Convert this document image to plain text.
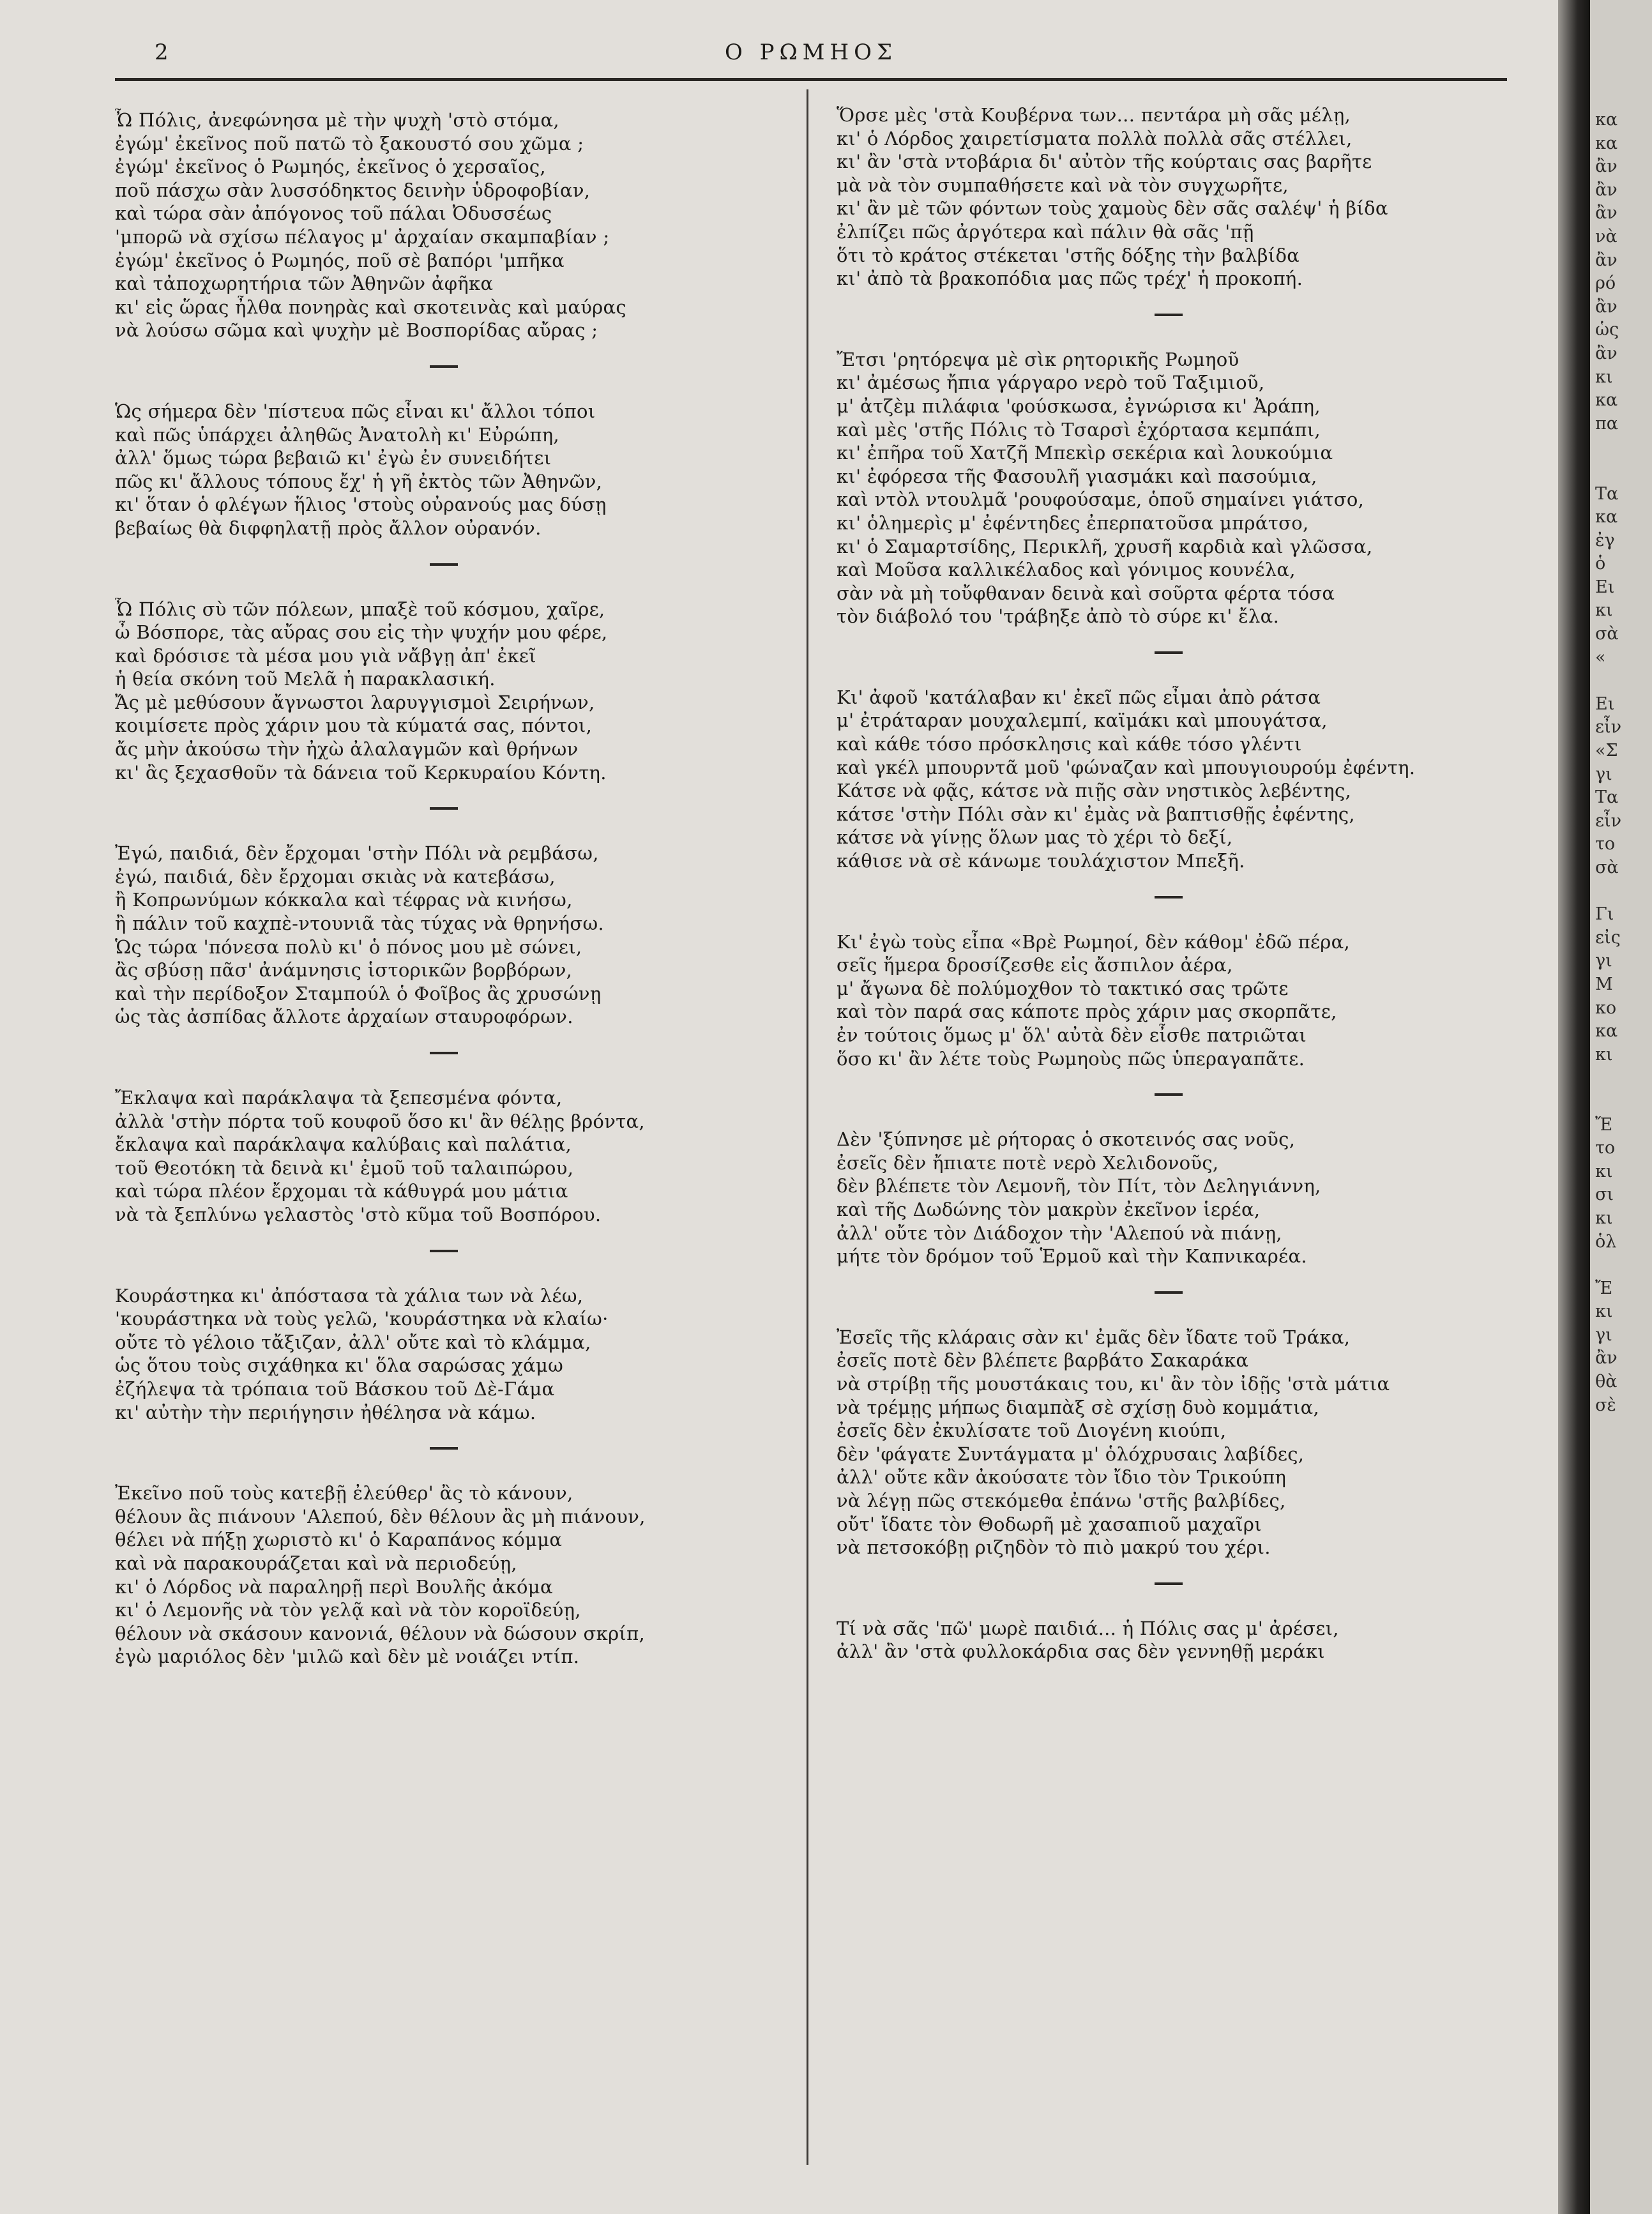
2	Ο ΡΩΜΗΟΣ
Ὦ Πόλις, ἀνεφώνησα μὲ τὴν ψυχὴ 'στὸ στόμα,
ἐγώμ' ἐκεῖνος ποῦ πατῶ τὸ ξακουστό σου χῶμα ;
ἐγώμ' ἐκεῖνος ὁ Ρωμηός, ἐκεῖνος ὁ χερσαῖος,
ποῦ πάσχω σὰν λυσσόδηκτος δεινὴν ὑδροφοβίαν,
καὶ τώρα σὰν ἀπόγονος τοῦ πάλαι Ὀδυσσέως
'μπορῶ νὰ σχίσω πέλαγος μ' ἀρχαίαν σκαμπαβίαν ;
ἐγώμ' ἐκεῖνος ὁ Ρωμηός, ποῦ σὲ βαπόρι 'μπῆκα
καὶ τἀποχωρητήρια τῶν Ἀθηνῶν ἀφῆκα
κι' εἰς ὥρας ἦλθα πονηρὰς καὶ σκοτεινὰς καὶ μαύρας
νὰ λούσω σῶμα καὶ ψυχὴν μὲ Βοσπορίδας αὔρας ;
Ὡς σήμερα δὲν 'πίστευα πῶς εἶναι κι' ἄλλοι τόποι
καὶ πῶς ὑπάρχει ἀληθῶς Ἀνατολὴ κι' Εὐρώπη,
ἀλλ' ὅμως τώρα βεβαιῶ κι' ἐγὼ ἐν συνειδήτει
πῶς κι' ἄλλους τόπους ἔχ' ἡ γῆ ἐκτὸς τῶν Ἀθηνῶν,
κι' ὅταν ὁ φλέγων ἥλιος 'στοὺς οὐρανούς μας δύσῃ
βεβαίως θὰ διφφηλατῇ πρὸς ἄλλον οὐρανόν.
Ὦ Πόλις σὺ τῶν πόλεων, μπαξὲ τοῦ κόσμου, χαῖρε,
ὦ Βόσπορε, τὰς αὔρας σου εἰς τὴν ψυχήν μου φέρε,
καὶ δρόσισε τὰ μέσα μου γιὰ νἄβγῃ ἀπ' ἐκεῖ
ἡ θεία σκόνη τοῦ Μελᾶ ἡ παρακλασική.
Ἄς μὲ μεθύσουν ἄγνωστοι λαρυγγισμοὶ Σειρήνων,
κοιμίσετε πρὸς χάριν μου τὰ κύματά σας, πόντοι,
ἄς μὴν ἀκούσω τὴν ἠχὼ ἀλαλαγμῶν καὶ θρήνων
κι' ἂς ξεχασθοῦν τὰ δάνεια τοῦ Κερκυραίου Κόντη.
Ἐγώ, παιδιά, δὲν ἔρχομαι 'στὴν Πόλι νὰ ρεμβάσω,
ἐγώ, παιδιά, δὲν ἔρχομαι σκιὰς νὰ κατεβάσω,
ἢ Κοπρωνύμων κόκκαλα καὶ τέφρας νὰ κινήσω,
ἢ πάλιν τοῦ καχπὲ-ντουνιᾶ τὰς τύχας νὰ θρηνήσω.
Ὡς τώρα 'πόνεσα πολὺ κι' ὁ πόνος μου μὲ σώνει,
ἂς σβύσῃ πᾶσ' ἀνάμνησις ἱστορικῶν βορβόρων,
καὶ τὴν περίδοξον Σταμπούλ ὁ Φοῖβος ἂς χρυσώνῃ
ὡς τὰς ἀσπίδας ἄλλοτε ἀρχαίων σταυροφόρων.
Ἔκλαψα καὶ παράκλαψα τὰ ξεπεσμένα φόντα,
ἀλλὰ 'στὴν πόρτα τοῦ κουφοῦ ὅσο κι' ἂν θέλῃς βρόντα,
ἔκλαψα καὶ παράκλαψα καλύβαις καὶ παλάτια,
τοῦ Θεοτόκη τὰ δεινὰ κι' ἐμοῦ τοῦ ταλαιπώρου,
καὶ τώρα πλέον ἔρχομαι τὰ κάθυγρά μου μάτια
νὰ τὰ ξεπλύνω γελαστὸς 'στὸ κῦμα τοῦ Βοσπόρου.
Κουράστηκα κι' ἀπόστασα τὰ χάλια των νὰ λέω,
'κουράστηκα νὰ τοὺς γελῶ, 'κουράστηκα νὰ κλαίω·
οὔτε τὸ γέλοιο τἄξιζαν, ἀλλ' οὔτε καὶ τὸ κλάμμα,
ὡς ὅτου τοὺς σιχάθηκα κι' ὅλα σαρώσας χάμω
ἐζήλεψα τὰ τρόπαια τοῦ Βάσκου τοῦ Δὲ-Γάμα
κι' αὐτὴν τὴν περιήγησιν ἠθέλησα νὰ κάμω.
Ἐκεῖνο ποῦ τοὺς κατεβῇ ἐλεύθερ' ἂς τὸ κάνουν,
θέλουν ἂς πιάνουν 'Αλεπού, δὲν θέλουν ἂς μὴ πιάνουν,
θέλει νὰ πήξῃ χωριστὸ κι' ὁ Καραπάνος κόμμα
καὶ νὰ παρακουράζεται καὶ νὰ περιοδεύῃ,
κι' ὁ Λόρδος νὰ παραληρῇ περὶ Βουλῆς ἀκόμα
κι' ὁ Λεμονῆς νὰ τὸν γελᾷ καὶ νὰ τὸν κοροϊδεύῃ,
θέλουν νὰ σκάσουν κανονιά, θέλουν νὰ δώσουν σκρίπ,
ἐγὼ μαριόλος δὲν 'μιλῶ καὶ δὲν μὲ νοιάζει ντίπ.
Ὅρσε μὲς 'στὰ Κουβέρνα των... πεντάρα μὴ σᾶς μέλῃ,
κι' ὁ Λόρδος χαιρετίσματα πολλὰ πολλὰ σᾶς στέλλει,
κι' ἂν 'στὰ ντοβάρια δι' αὐτὸν τῆς κούρταις σας βαρῆτε
μὰ νὰ τὸν συμπαθήσετε καὶ νὰ τὸν συγχωρῆτε,
κι' ἂν μὲ τῶν φόντων τοὺς χαμοὺς δὲν σᾶς σαλέψ' ἡ βίδα
ἐλπίζει πῶς ἀργότερα καὶ πάλιν θὰ σᾶς 'πῇ
ὅτι τὸ κράτος στέκεται 'στῆς δόξης τὴν βαλβίδα
κι' ἀπὸ τὰ βρακοπόδια μας πῶς τρέχ' ἡ προκοπή.
Ἔτσι 'ρητόρεψα μὲ σὶκ ρητορικῆς Ρωμηοῦ
κι' ἀμέσως ἤπια γάργαρο νερὸ τοῦ Ταξιμιοῦ,
μ' ἀτζὲμ πιλάφια 'φούσκωσα, ἐγνώρισα κι' Ἀράπη,
καὶ μὲς 'στῆς Πόλις τὸ Τσαρσὶ ἐχόρτασα κεμπάπι,
κι' ἐπῆρα τοῦ Χατζῆ Μπεκὶρ σεκέρια καὶ λουκούμια
κι' ἐφόρεσα τῆς Φασουλῆ γιασμάκι καὶ πασούμια,
καὶ ντὸλ ντουλμᾶ 'ρουφούσαμε, ὁποῦ σημαίνει γιάτσο,
κι' ὁλημερὶς μ' ἐφέντηδες ἐπερπατοῦσα μπράτσο,
κι' ὁ Σαμαρτσίδης, Περικλῆ, χρυσῆ καρδιὰ καὶ γλῶσσα,
καὶ Μοῦσα καλλικέλαδος καὶ γόνιμος κουνέλα,
σὰν νὰ μὴ τοὔφθαναν δεινὰ καὶ σοῦρτα φέρτα τόσα
τὸν διάβολό του 'τράβηξε ἀπὸ τὸ σύρε κι' ἔλα.
Κι' ἀφοῦ 'κατάλαβαν κι' ἐκεῖ πῶς εἶμαι ἀπὸ ράτσα
μ' ἐτράταραν μουχαλεμπί, καϊμάκι καὶ μπουγάτσα,
καὶ κάθε τόσο πρόσκλησις καὶ κάθε τόσο γλέντι
καὶ γκέλ μπουρντᾶ μοῦ 'φώναζαν καὶ μπουγιουρούμ ἐφέντη.
Κάτσε νὰ φᾷς, κάτσε νὰ πιῇς σὰν νηστικὸς λεβέντης,
κάτσε 'στὴν Πόλι σὰν κι' ἐμὰς νὰ βαπτισθῇς ἐφέντης,
κάτσε νὰ γίνῃς ὅλων μας τὸ χέρι τὸ δεξί,
κάθισε νὰ σὲ κάνωμε τουλάχιστον Μπεξῆ.
Κι' ἐγὼ τοὺς εἶπα «Βρὲ Ρωμηοί, δὲν κάθομ' ἐδῶ πέρα,
σεῖς ἥμερα δροσίζεσθε εἰς ἄσπιλον ἀέρα,
μ' ἄγωνα δὲ πολύμοχθον τὸ τακτικό σας τρῶτε
καὶ τὸν παρά σας κάποτε πρὸς χάριν μας σκορπᾶτε,
ἐν τούτοις ὅμως μ' ὅλ' αὐτὰ δὲν εἶσθε πατριῶται
ὅσο κι' ἂν λέτε τοὺς Ρωμηοὺς πῶς ὑπεραγαπᾶτε.
Δὲν 'ξύπνησε μὲ ρήτορας ὁ σκοτεινός σας νοῦς,
ἐσεῖς δὲν ἤπιατε ποτὲ νερὸ Χελιδονοῦς,
δὲν βλέπετε τὸν Λεμονῆ, τὸν Πίτ, τὸν Δεληγιάννη,
καὶ τῆς Δωδώνης τὸν μακρὺν ἐκεῖνον ἱερέα,
ἀλλ' οὔτε τὸν Διάδοχον τὴν 'Αλεπού νὰ πιάνῃ,
μήτε τὸν δρόμον τοῦ Ἑρμοῦ καὶ τὴν Καπνικαρέα.
Ἐσεῖς τῆς κλάραις σὰν κι' ἐμᾶς δὲν ἴδατε τοῦ Τράκα,
ἐσεῖς ποτὲ δὲν βλέπετε βαρβάτο Σακαράκα
νὰ στρίβῃ τῆς μουστάκαις του, κι' ἂν τὸν ἰδῇς 'στὰ μάτια
νὰ τρέμῃς μήπως διαμπὰξ σὲ σχίσῃ δυὸ κομμάτια,
ἐσεῖς δὲν ἐκυλίσατε τοῦ Διογένη κιούπι,
δὲν 'φάγατε Συντάγματα μ' ὁλόχρυσαις λαβίδες,
ἀλλ' οὔτε κἂν ἀκούσατε τὸν ἴδιο τὸν Τρικούπη
νὰ λέγῃ πῶς στεκόμεθα ἐπάνω 'στῆς βαλβίδες,
οὔτ' ἴδατε τὸν Θοδωρῆ μὲ χασαπιοῦ μαχαῖρι
νὰ πετσοκόβῃ ριζηδὸν τὸ πιὸ μακρύ του χέρι.
Τί νὰ σᾶς 'πῶ' μωρὲ παιδιά... ἡ Πόλις σας μ' ἀρέσει,
ἀλλ' ἂν 'στὰ φυλλοκάρδια σας δὲν γεννηθῇ μεράκι
κα
κα
ἂν
ἂν
ἂν
νὰ
ἂν
ρό
ἂν
ὡς
ἂν
κι
κα
πα

Τα
κα
ἐγ
ὁ
Ει
κι
σὰ
«

Ει
εἶν
«Σ
γι
Τα
εἶν
το
σὰ

Γι
εἰς
γι
Μ
κο
κα
κι

Ἔ
το
κι
σι
κι
ὁλ

Ἔ
κι
γι
ἂν
θὰ
σὲ
